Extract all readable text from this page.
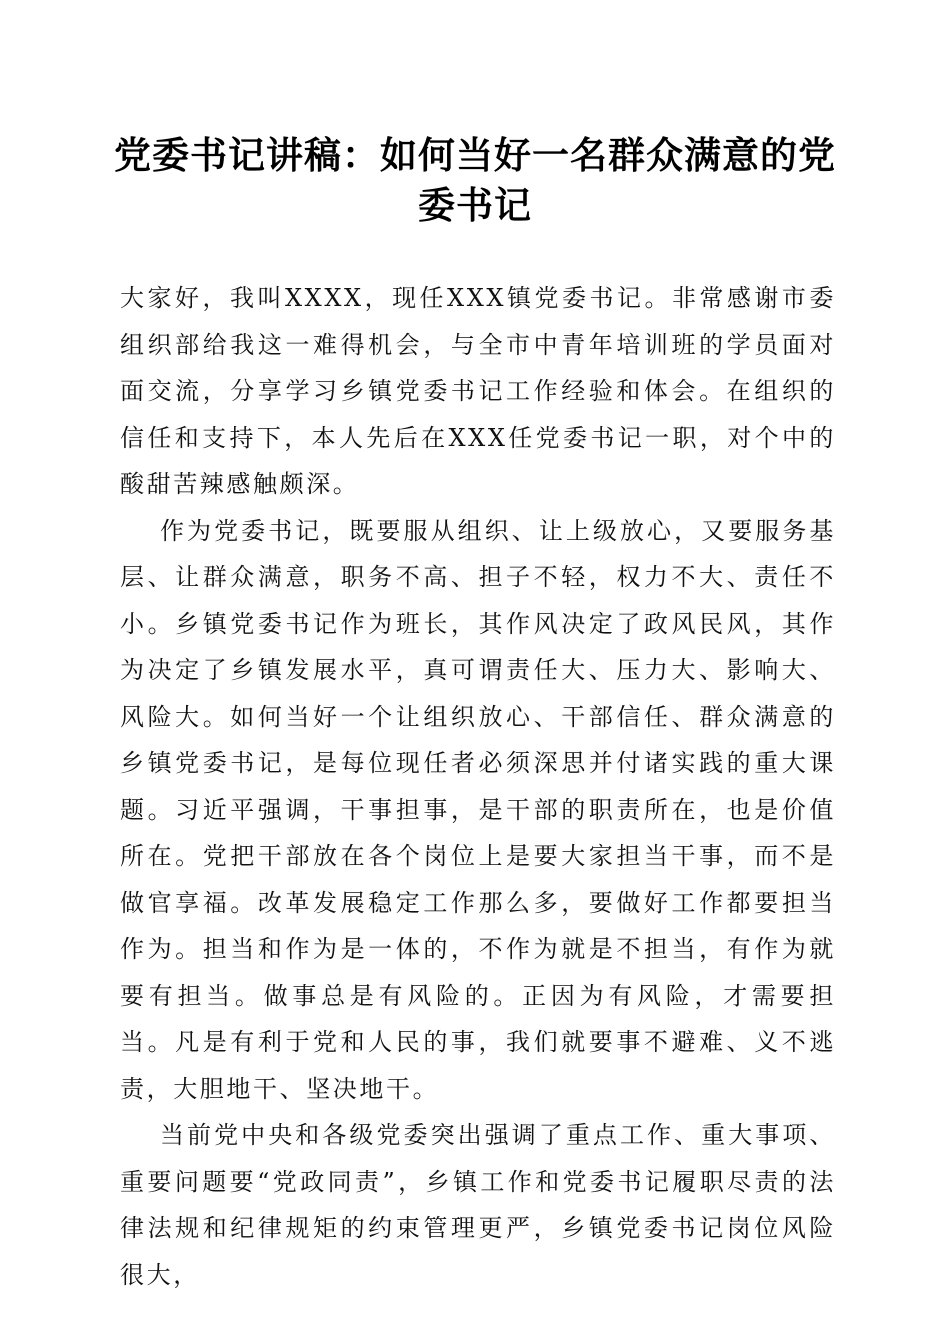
党委书记讲稿：如何当好一名群众满意的党委书记

大家好，我叫XXXX，现任XXX镇党委书记。非常感谢市委组织部给我这一难得机会，与全市中青年培训班的学员面对面交流，分享学习乡镇党委书记工作经验和体会。在组织的信任和支持下，本人先后在XXX任党委书记一职，对个中的酸甜苦辣感触颇深。

作为党委书记，既要服从组织、让上级放心，又要服务基层、让群众满意，职务不高、担子不轻，权力不大、责任不小。乡镇党委书记作为班长，其作风决定了政风民风，其作为决定了乡镇发展水平，真可谓责任大、压力大、影响大、风险大。如何当好一个让组织放心、干部信任、群众满意的乡镇党委书记，是每位现任者必须深思并付诸实践的重大课题。习近平强调，干事担事，是干部的职责所在，也是价值所在。党把干部放在各个岗位上是要大家担当干事，而不是做官享福。改革发展稳定工作那么多，要做好工作都要担当作为。担当和作为是一体的，不作为就是不担当，有作为就要有担当。做事总是有风险的。正因为有风险，才需要担当。凡是有利于党和人民的事，我们就要事不避难、义不逃责，大胆地干、坚决地干。

当前党中央和各级党委突出强调了重点工作、重大事项、重要问题要“党政同责”，乡镇工作和党委书记履职尽责的法律法规和纪律规矩的约束管理更严，乡镇党委书记岗位风险很大，
